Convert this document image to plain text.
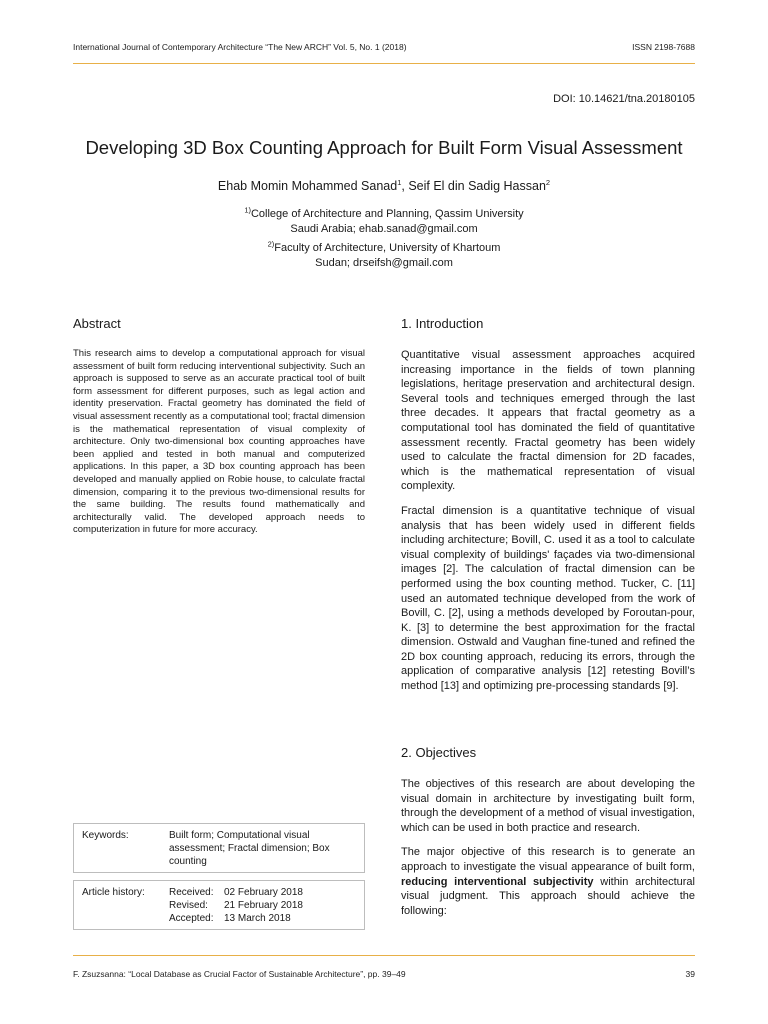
International Journal of Contemporary Architecture “The New ARCH” Vol. 5, No. 1 (2018)	ISSN 2198-7688
DOI: 10.14621/tna.20180105
Developing 3D Box Counting Approach for Built Form Visual Assessment
Ehab Momin Mohammed Sanad$^1$, Seif El din Sadig Hassan$^2$
$^{1)}$College of Architecture and Planning, Qassim University
Saudi Arabia; ehab.sanad@gmail.com
$^{2)}$Faculty of Architecture, University of Khartoum
Sudan; drseifsh@gmail.com
Abstract
This research aims to develop a computational approach for visual assessment of built form reducing interventional subjectivity. Such an approach is supposed to serve as an accurate practical tool of built form assessment for different purposes, such as legal action and identity preservation. Fractal geometry has dominated the field of visual assessment recently as a computational tool; fractal dimension is the mathematical representation of visual complexity of architecture. Only two-dimensional box counting approaches have been applied and tested in both manual and computerized applications. In this paper, a 3D box counting approach has been developed and manually applied on Robie house, to calculate fractal dimension, comparing it to the previous two-dimensional results for the same building. The results found mathematically and architecturally valid. The developed approach needs to computerization in future for more accuracy.
Keywords:	Built form; Computational visual assessment; Fractal dimension; Box counting
Article history: Received:	02 February 2018
Revised:	21 February 2018
Accepted:	13 March 2018
1. Introduction

Quantitative visual assessment approaches acquired increasing importance in the fields of town planning legislations, heritage preservation and architectural design. Several tools and techniques emerged through the last three decades. It appears that fractal geometry as a computational tool has dominated the field of quantitative assessment recently. Fractal geometry has been widely used to calculate the fractal dimension for 2D facades, which is the mathematical representation of visual complexity.

Fractal dimension is a quantitative technique of visual analysis that has been widely used in different fields including architecture; Bovill, C. used it as a tool to calculate visual complexity of buildings' façades via two-dimensional images [2]. The calculation of fractal dimension can be performed using the box counting method. Tucker, C. [11] used an automated technique developed from the work of Bovill, C. [2], using a methods developed by Foroutan-pour, K. [3] to determine the best approximation for the fractal dimension. Ostwald and Vaughan fine-tuned and refined the 2D box counting approach, reducing its errors, through the application of comparative analysis [12] retesting Bovill’s method [13] and optimizing pre-processing standards [9].

2. Objectives

The objectives of this research are about developing the visual domain in architecture by investigating built form, through the development of a method of visual investigation, which can be used in both practice and research.

The major objective of this research is to generate an approach to investigate the visual appearance of built form, reducing interventional subjectivity within architectural visual judgment. This approach should achieve the following:

F. Zsuzsanna: “Local Database as Crucial Factor of Sustainable Architecture”, pp. 39–49	39
